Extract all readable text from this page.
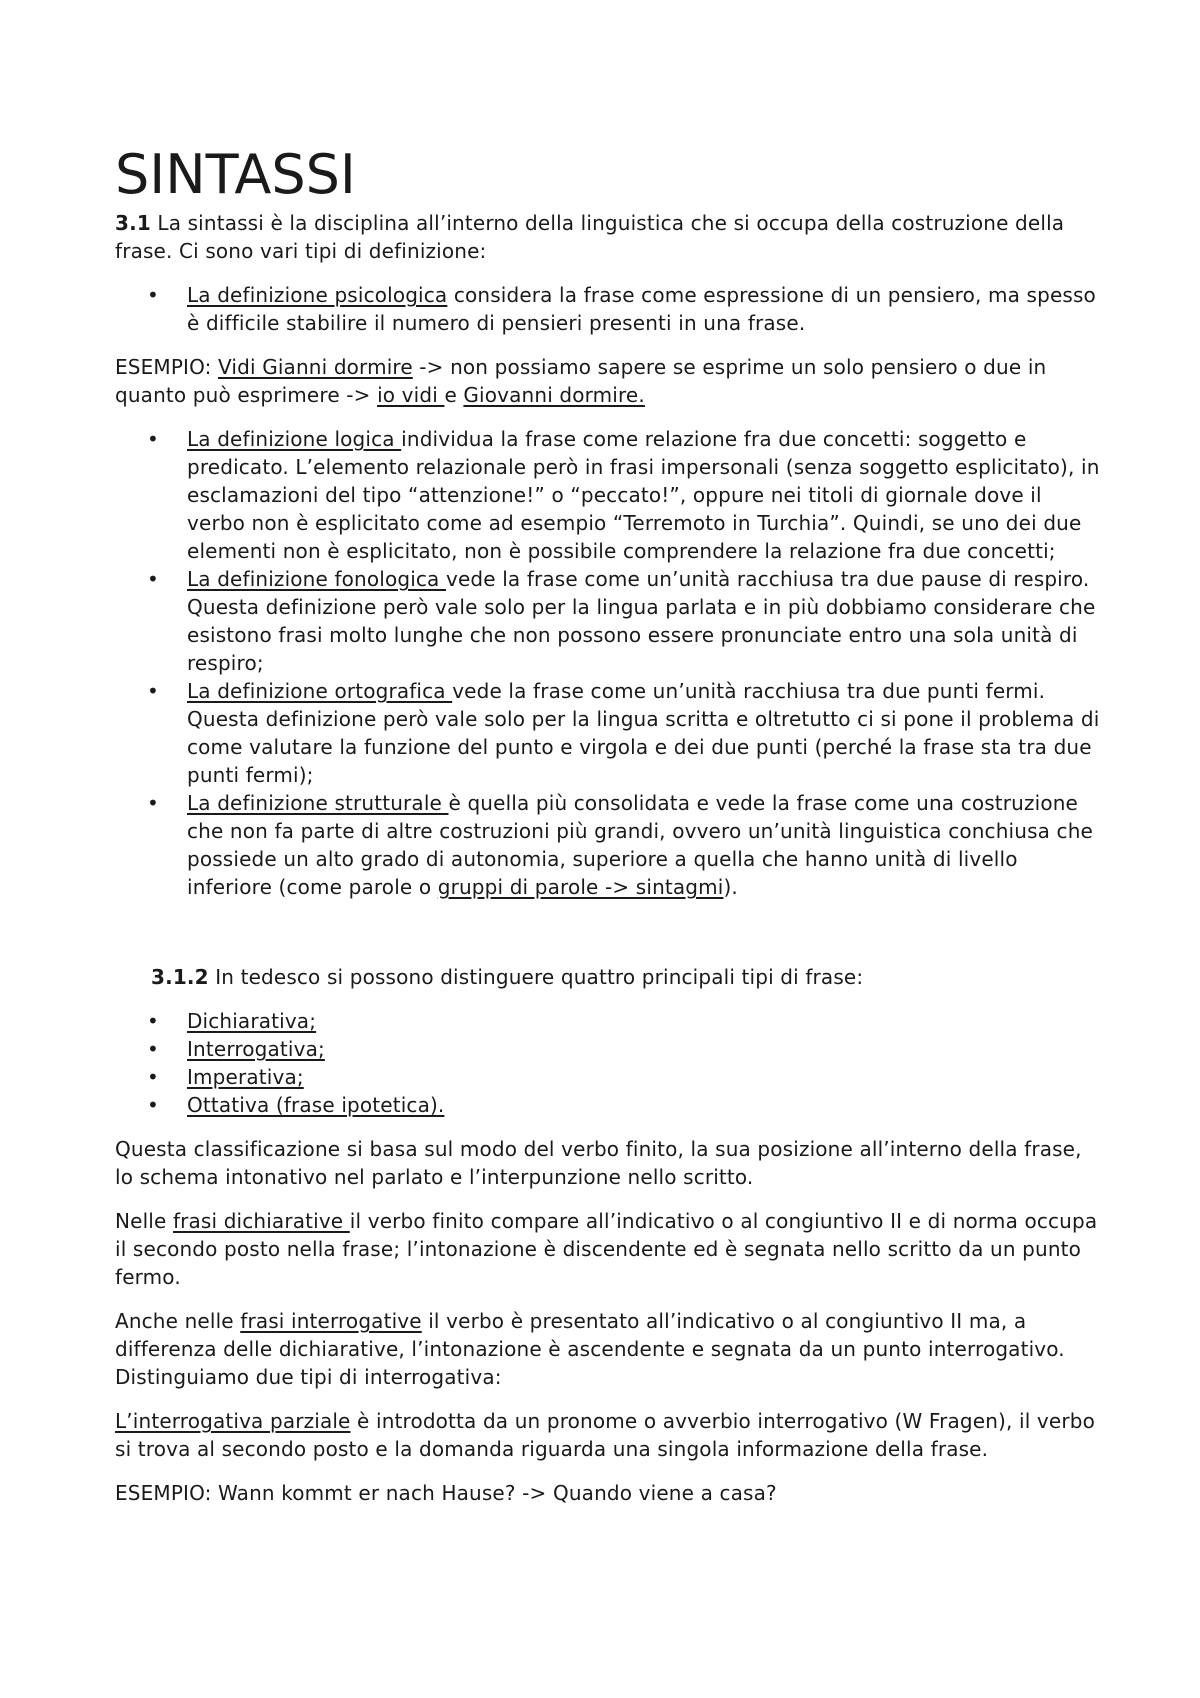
SINTASSI

3.1 La sintassi è la disciplina all’interno della linguistica che si occupa della costruzione della frase. Ci sono vari tipi di definizione:

• La definizione psicologica considera la frase come espressione di un pensiero, ma spesso è difficile stabilire il numero di pensieri presenti in una frase.

ESEMPIO: Vidi Gianni dormire -> non possiamo sapere se esprime un solo pensiero o due in quanto può esprimere -> io vidi e Giovanni dormire.

• La definizione logica individua la frase come relazione fra due concetti: soggetto e predicato. L’elemento relazionale però in frasi impersonali (senza soggetto esplicitato), in esclamazioni del tipo “attenzione!” o “peccato!”, oppure nei titoli di giornale dove il verbo non è esplicitato come ad esempio “Terremoto in Turchia”. Quindi, se uno dei due elementi non è esplicitato, non è possibile comprendere la relazione fra due concetti;
• La definizione fonologica vede la frase come un’unità racchiusa tra due pause di respiro. Questa definizione però vale solo per la lingua parlata e in più dobbiamo considerare che esistono frasi molto lunghe che non possono essere pronunciate entro una sola unità di respiro;
• La definizione ortografica vede la frase come un’unità racchiusa tra due punti fermi. Questa definizione però vale solo per la lingua scritta e oltretutto ci si pone il problema di come valutare la funzione del punto e virgola e dei due punti (perché la frase sta tra due punti fermi);
• La definizione strutturale è quella più consolidata e vede la frase come una costruzione che non fa parte di altre costruzioni più grandi, ovvero un’unità linguistica conchiusa che possiede un alto grado di autonomia, superiore a quella che hanno unità di livello inferiore (come parole o gruppi di parole -> sintagmi).

3.1.2 In tedesco si possono distinguere quattro principali tipi di frase:

• Dichiarativa;
• Interrogativa;
• Imperativa;
• Ottativa (frase ipotetica).

Questa classificazione si basa sul modo del verbo finito, la sua posizione all’interno della frase, lo schema intonativo nel parlato e l’interpunzione nello scritto.

Nelle frasi dichiarative il verbo finito compare all’indicativo o al congiuntivo II e di norma occupa il secondo posto nella frase; l’intonazione è discendente ed è segnata nello scritto da un punto fermo.

Anche nelle frasi interrogative il verbo è presentato all’indicativo o al congiuntivo II ma, a differenza delle dichiarative, l’intonazione è ascendente e segnata da un punto interrogativo. Distinguiamo due tipi di interrogativa:

L’interrogativa parziale è introdotta da un pronome o avverbio interrogativo (W Fragen), il verbo si trova al secondo posto e la domanda riguarda una singola informazione della frase.

ESEMPIO: Wann kommt er nach Hause? -> Quando viene a casa?
